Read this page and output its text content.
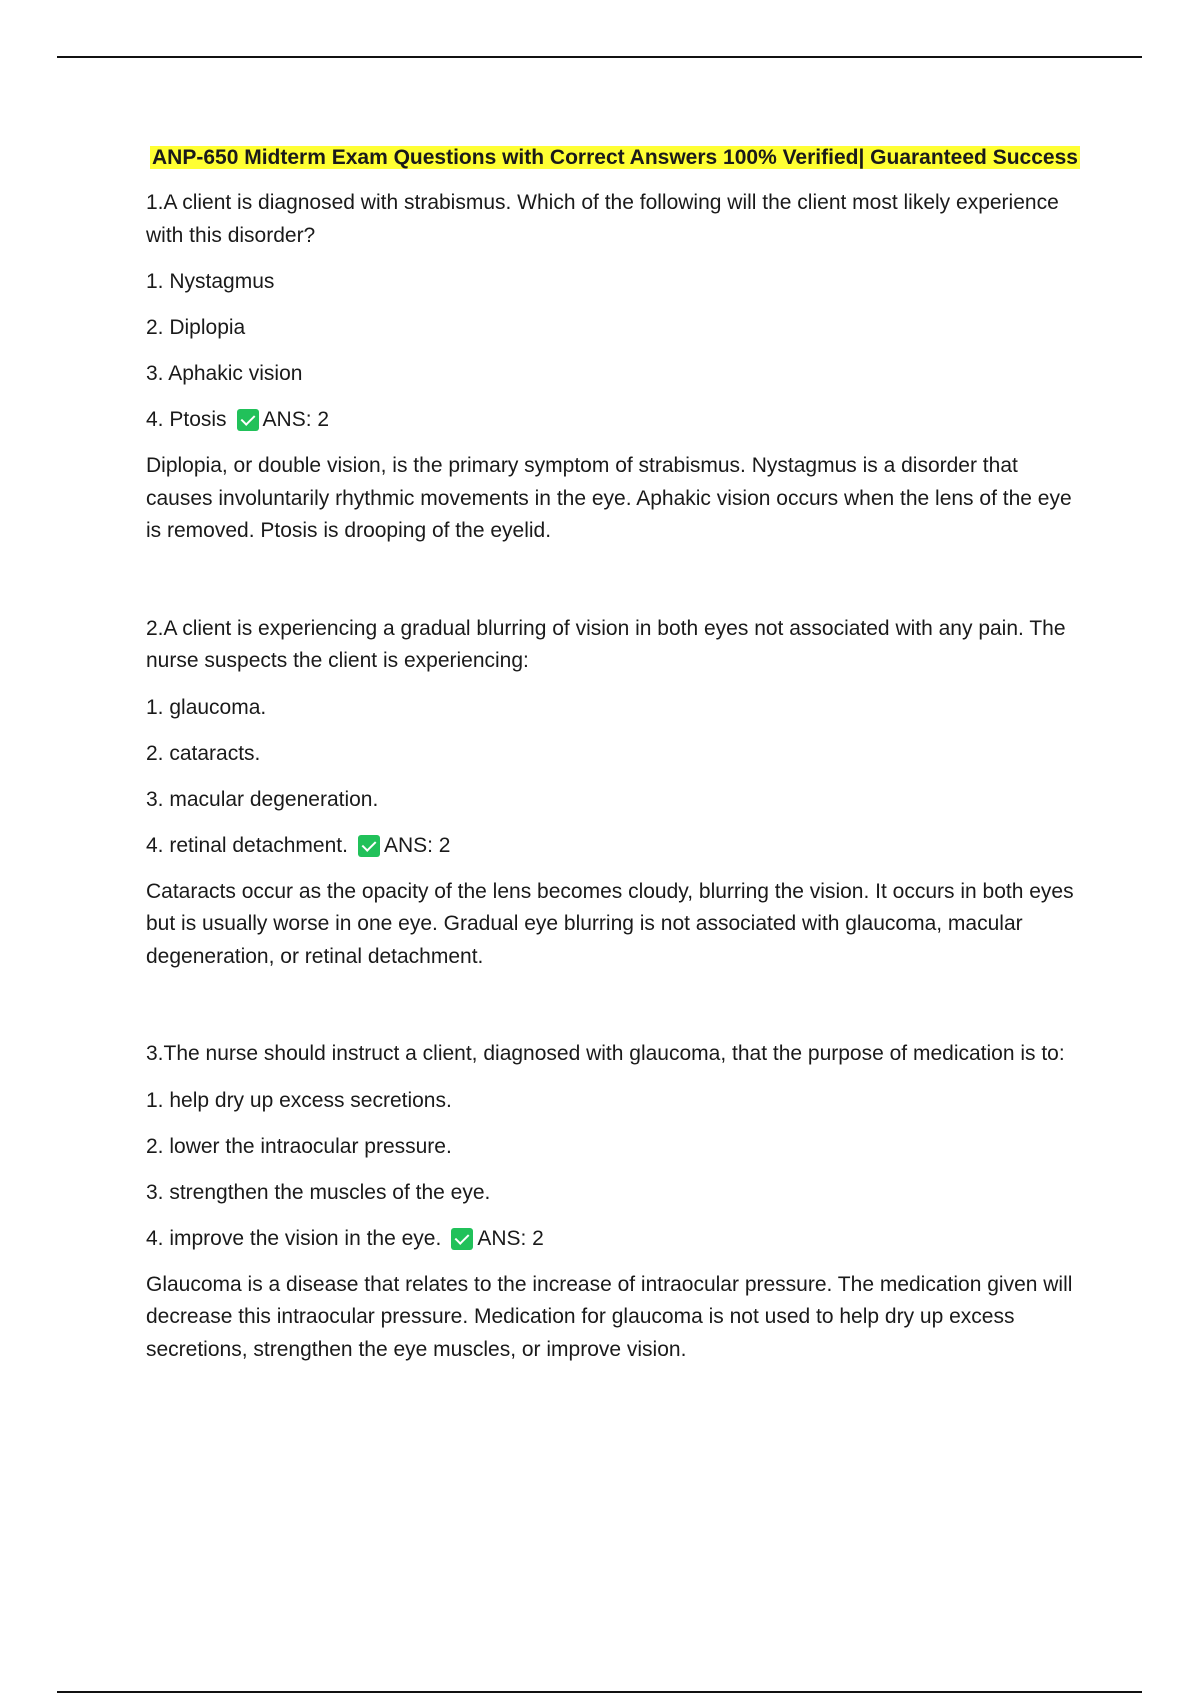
ANP-650 Midterm Exam Questions with Correct Answers 100% Verified| Guaranteed Success

1.A client is diagnosed with strabismus. Which of the following will the client most likely experience with this disorder?

1. Nystagmus

2. Diplopia

3. Aphakic vision

4. Ptosis ANS: 2

Diplopia, or double vision, is the primary symptom of strabismus. Nystagmus is a disorder that causes involuntarily rhythmic movements in the eye. Aphakic vision occurs when the lens of the eye is removed. Ptosis is drooping of the eyelid.

2.A client is experiencing a gradual blurring of vision in both eyes not associated with any pain. The nurse suspects the client is experiencing:

1. glaucoma.

2. cataracts.

3. macular degeneration.

4. retinal detachment. ANS: 2

Cataracts occur as the opacity of the lens becomes cloudy, blurring the vision. It occurs in both eyes but is usually worse in one eye. Gradual eye blurring is not associated with glaucoma, macular degeneration, or retinal detachment.

3.The nurse should instruct a client, diagnosed with glaucoma, that the purpose of medication is to:

1. help dry up excess secretions.

2. lower the intraocular pressure.

3. strengthen the muscles of the eye.

4. improve the vision in the eye. ANS: 2

Glaucoma is a disease that relates to the increase of intraocular pressure. The medication given will decrease this intraocular pressure. Medication for glaucoma is not used to help dry up excess secretions, strengthen the eye muscles, or improve vision.
